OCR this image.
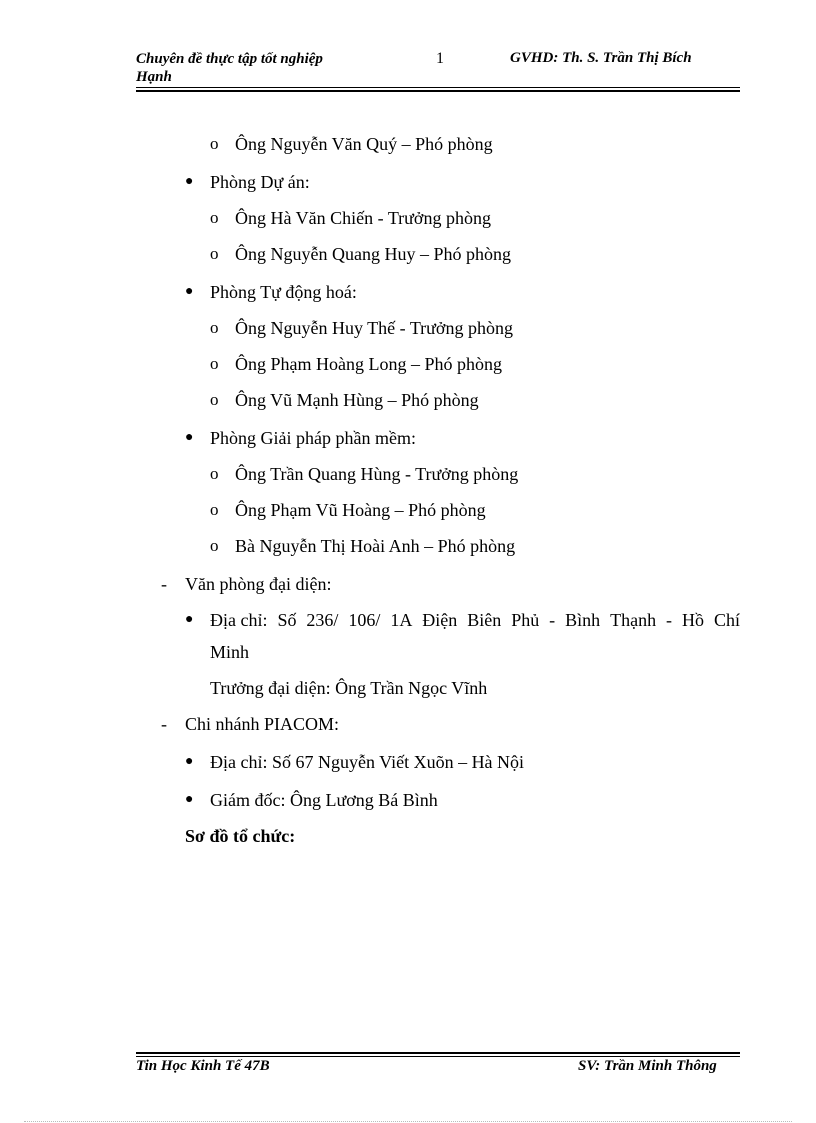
Chuyên đề thực tập tốt nghiệp
Hạnh
1	GVHD: Th. S. Trần Thị Bích
o Ông Nguyễn Văn Quý – Phó phòng
● Phòng Dự án:
o Ông Hà Văn Chiến - Trưởng phòng
o Ông Nguyễn Quang Huy – Phó phòng
● Phòng Tự động hoá:
o Ông Nguyễn Huy Thế - Trưởng phòng
o Ông Phạm Hoàng Long – Phó phòng
o Ông Vũ Mạnh Hùng – Phó phòng
● Phòng Giải pháp phần mềm:
o Ông Trần Quang Hùng - Trưởng phòng
o Ông Phạm Vũ Hoàng – Phó phòng
o Bà Nguyễn Thị Hoài Anh – Phó phòng
- Văn phòng đại diện:
● Địa chỉ: Số 236/ 106/ 1A Điện Biên Phủ - Bình Thạnh - Hồ Chí
Minh
Trưởng đại diện: Ông Trần Ngọc Vĩnh
- Chi nhánh PIACOM:
● Địa chỉ: Số 67 Nguyễn Viết Xuõn – Hà Nội
● Giám đốc: Ông Lương Bá Bình
Sơ đồ tổ chức:
Tin Học Kinh Tế 47B	SV: Trần Minh Thông
